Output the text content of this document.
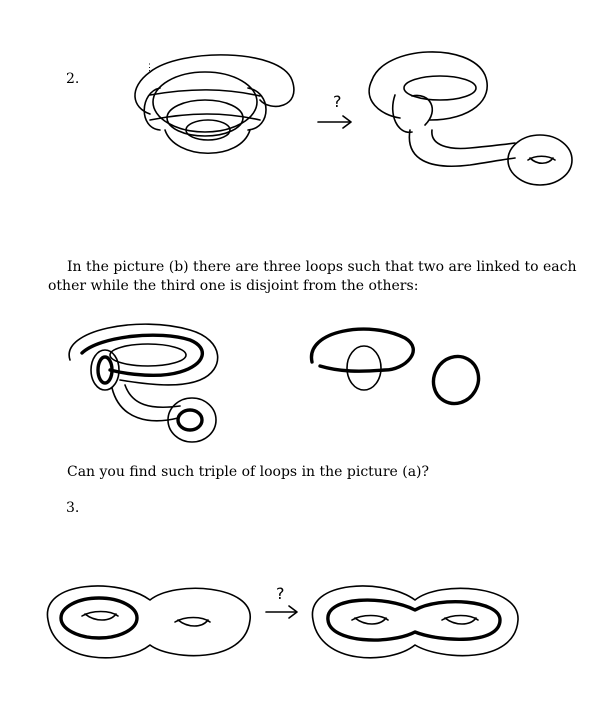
2.
⋮
?
In the picture (b) there are three loops such that two are linked to each
other while the third one is disjoint from the others:
Can you find such triple of loops in the picture (a)?
3.
?
